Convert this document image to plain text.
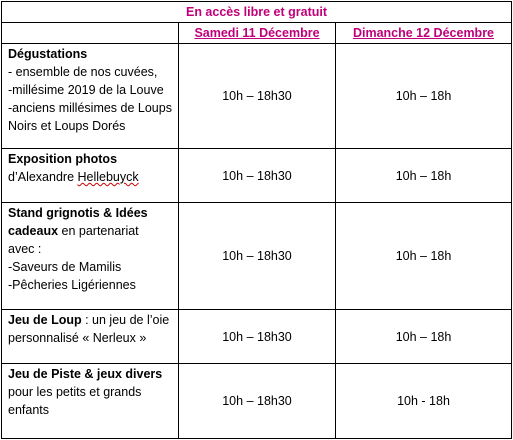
En accès libre et gratuit		
	Samedi 11 Décembre	Dimanche 12 Décembre

Dégustations
- ensemble de nos cuvées,
-millésime 2019 de la Louve
-anciens millésimes de Loups
Noirs et Loups Dorés	10h – 18h30	10h – 18h

Exposition photos
d’Alexandre Hellebuyck	10h – 18h30	10h – 18h

Stand grignotis & Idées
cadeaux en partenariat
avec :
-Saveurs de Mamilis
-Pêcheries Ligériennes	10h – 18h30	10h – 18h

Jeu de Loup : un jeu de l’oie
personnalisé « Nerleux »	10h – 18h30	10h – 18h

Jeu de Piste & jeux divers
pour les petits et grands
enfants	10h – 18h30	10h - 18h
